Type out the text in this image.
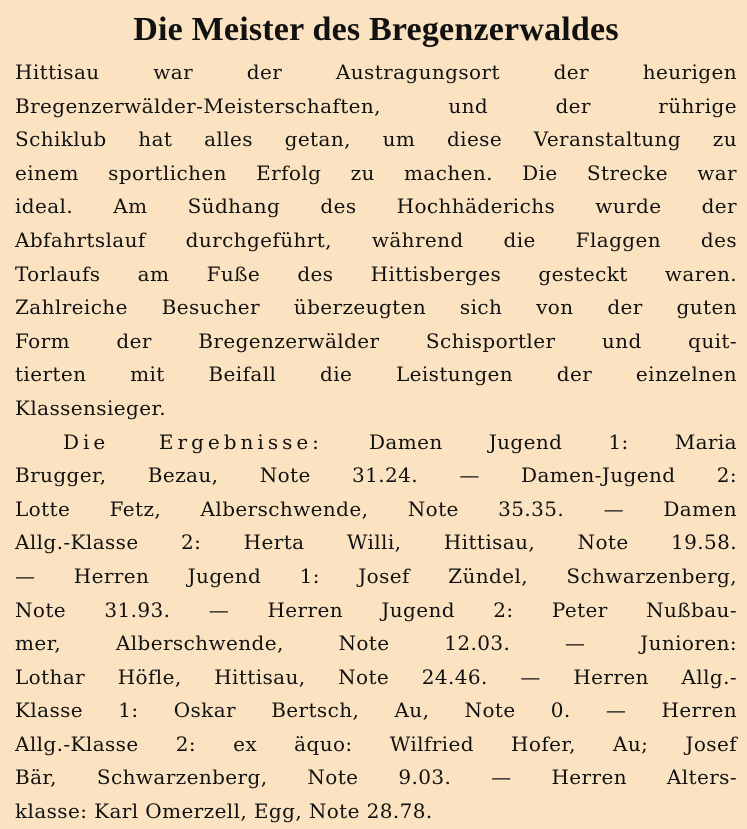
Die Meister des Bregenzerwaldes
Hittisau war der Austragungsort der heurigen
Bregenzerwälder-Meisterschaften, und der rührige
Schiklub hat alles getan, um diese Veranstaltung zu
einem sportlichen Erfolg zu machen. Die Strecke war
ideal. Am Südhang des Hochhäderichs wurde der
Abfahrtslauf durchgeführt, während die Flaggen des
Torlaufs am Fuße des Hittisberges gesteckt waren.
Zahlreiche Besucher überzeugten sich von der guten
Form der Bregenzerwälder Schisportler und quit-
tierten mit Beifall die Leistungen der einzelnen
Klassensieger.
Die Ergebnisse: Damen Jugend 1: Maria
Brugger, Bezau, Note 31.24. — Damen-Jugend 2:
Lotte Fetz, Alberschwende, Note 35.35. — Damen
Allg.-Klasse 2: Herta Willi, Hittisau, Note 19.58.
— Herren Jugend 1: Josef Zündel, Schwarzenberg,
Note 31.93. — Herren Jugend 2: Peter Nußbau-
mer, Alberschwende, Note 12.03. — Junioren:
Lothar Höfle, Hittisau, Note 24.46. — Herren Allg.-
Klasse 1: Oskar Bertsch, Au, Note 0. — Herren
Allg.-Klasse 2: ex äquo: Wilfried Hofer, Au; Josef
Bär, Schwarzenberg, Note 9.03. — Herren Alters-
klasse: Karl Omerzell, Egg, Note 28.78.
